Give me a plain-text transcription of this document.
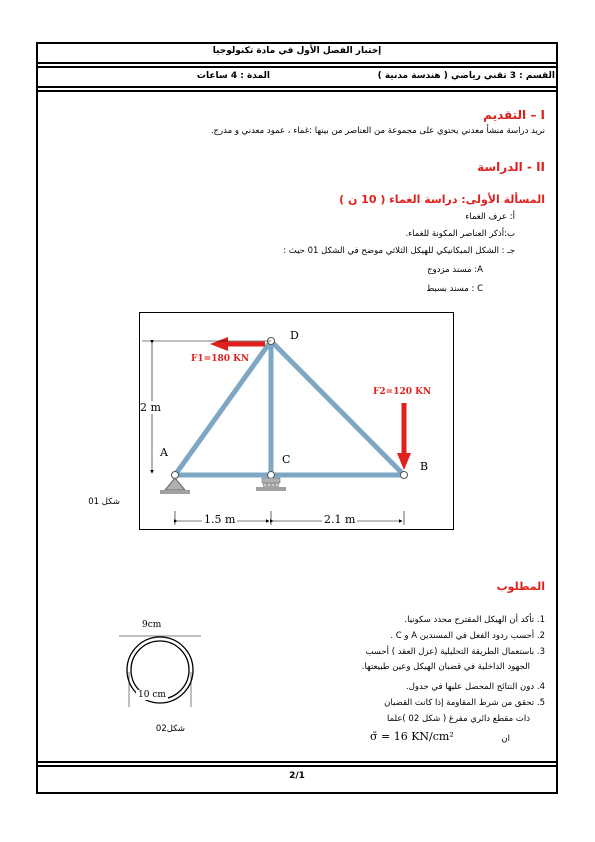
إختبار الفصل الأول في مادة تكنولوجيا
القسم : 3 تقني رياضي ( هندسة مدنية )
المدة : 4 ساعات
I – التقديم
نريد دراسة منشأ معدني يحتوي على مجموعة من العناصر من بينها :غماء ، عمود معدني و مدرج.
II - الدراسة
المسألة الأولى: دراسة الغماء ( 10 ن )
أ: عرف الغماء
ب:أذكر العناصر المكونة للغماء.
جـ : الشكل الميكانيكي للهيكل الثلاثي موضح في الشكل 01 حيث :
A: مسند مزدوج
C : مسند بسيط
D
A
C
B
F1=180 KN
F2=120 KN
2 m
1.5 m	2.1 m
شكل 01
المطلوب
1. تأكد أن الهيكل المقترح محدد سكونيا.
2. أحسب ردود الفعل في المسندين A و C .
3. باستعمال الطريقة التحليلية (عزل العقد ) أحسب
الجهود الداخلية في قضبان الهيكل وعين طبيعتها.
4. دون النتائج المحصل عليها في جدول.
5. تحقق من شرط المقاومة إذا كانت القضبان
ذات مقطع دائري مفرغ ( شكل 02 )علما
ان
σ̄ = 16 KN/cm²
9cm
10 cm
شكل02
2/1
